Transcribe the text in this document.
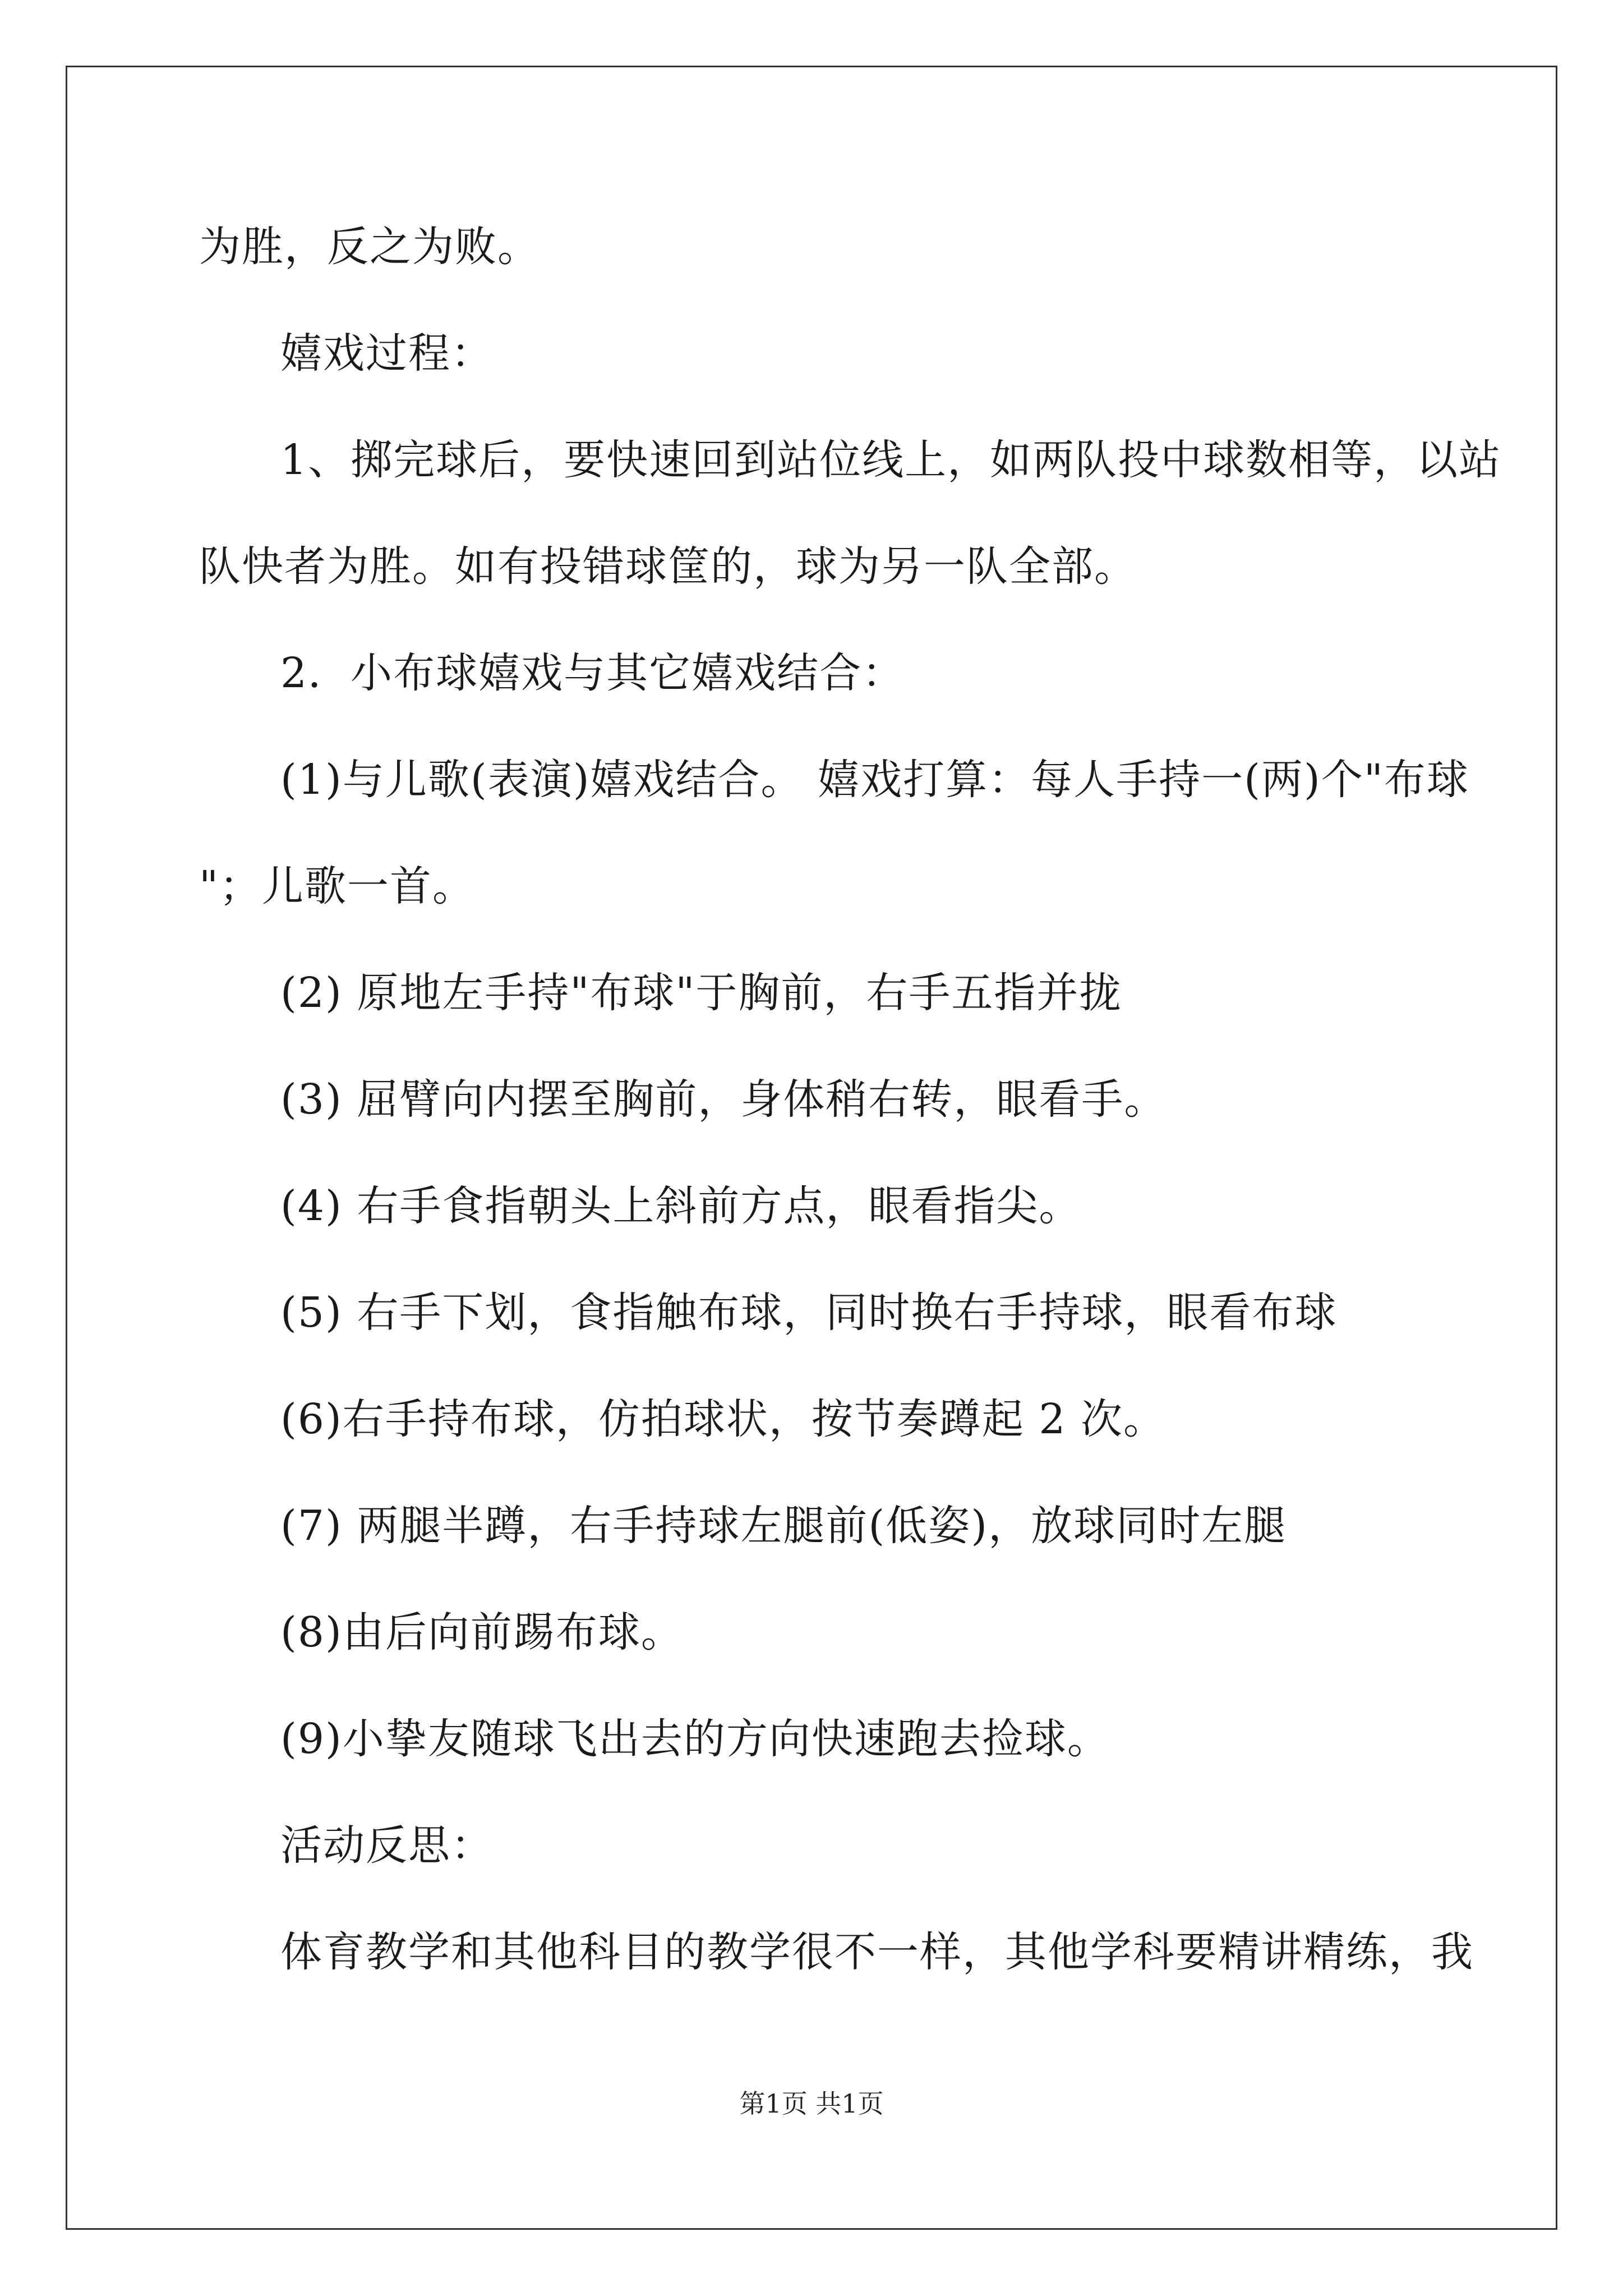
为胜，反之为败。
嬉戏过程：
1、掷完球后，要快速回到站位线上，如两队投中球数相等，以站
队快者为胜。如有投错球筐的，球为另一队全部。
2．小布球嬉戏与其它嬉戏结合：
(1)与儿歌(表演)嬉戏结合。 嬉戏打算：每人手持一(两)个"布球
"；儿歌一首。
(2) 原地左手持"布球"于胸前，右手五指并拢
(3) 屈臂向内摆至胸前，身体稍右转，眼看手。
(4) 右手食指朝头上斜前方点，眼看指尖。
(5) 右手下划，食指触布球，同时换右手持球，眼看布球
(6)右手持布球，仿拍球状，按节奏蹲起 2 次。
(7) 两腿半蹲，右手持球左腿前(低姿)，放球同时左腿
(8)由后向前踢布球。
(9)小挚友随球飞出去的方向快速跑去捡球。
活动反思：
体育教学和其他科目的教学很不一样，其他学科要精讲精练，我
第1页 共1页
